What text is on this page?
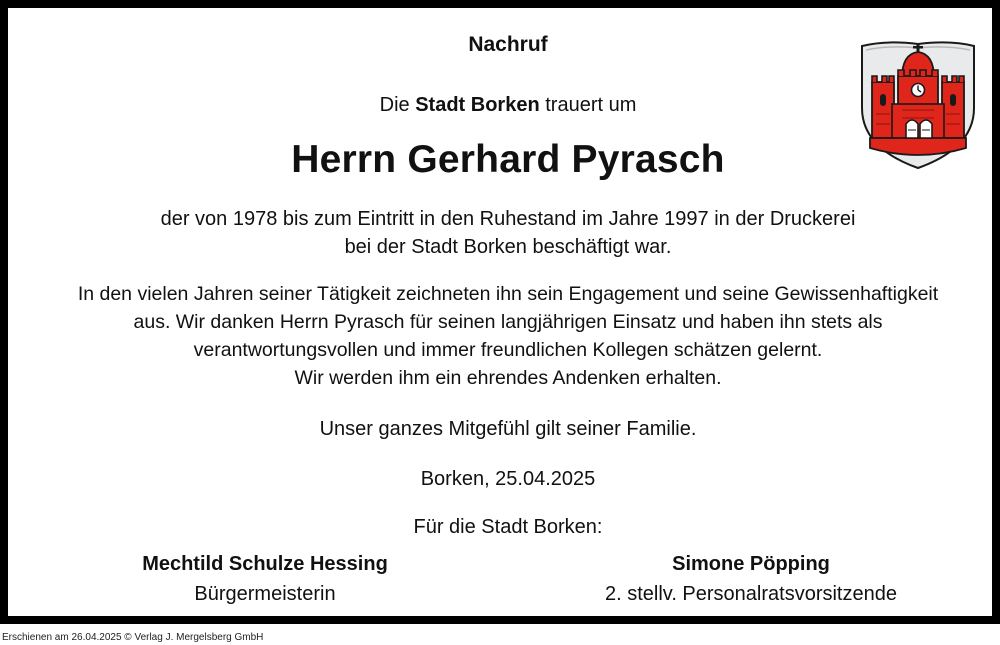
Nachruf
Die Stadt Borken trauert um
Herrn Gerhard Pyrasch
der von 1978 bis zum Eintritt in den Ruhestand im Jahre 1997 in der Druckerei
bei der Stadt Borken beschäftigt war.
In den vielen Jahren seiner Tätigkeit zeichneten ihn sein Engagement und seine Gewissenhaftigkeit
aus. Wir danken Herrn Pyrasch für seinen langjährigen Einsatz und haben ihn stets als
verantwortungsvollen und immer freundlichen Kollegen schätzen gelernt.
Wir werden ihm ein ehrendes Andenken erhalten.
Unser ganzes Mitgefühl gilt seiner Familie.
Borken, 25.04.2025
Für die Stadt Borken:
Mechtild Schulze Hessing
Bürgermeisterin
Simone Pöpping
2. stellv. Personalratsvorsitzende
Erschienen am 26.04.2025 © Verlag J. Mergelsberg GmbH
